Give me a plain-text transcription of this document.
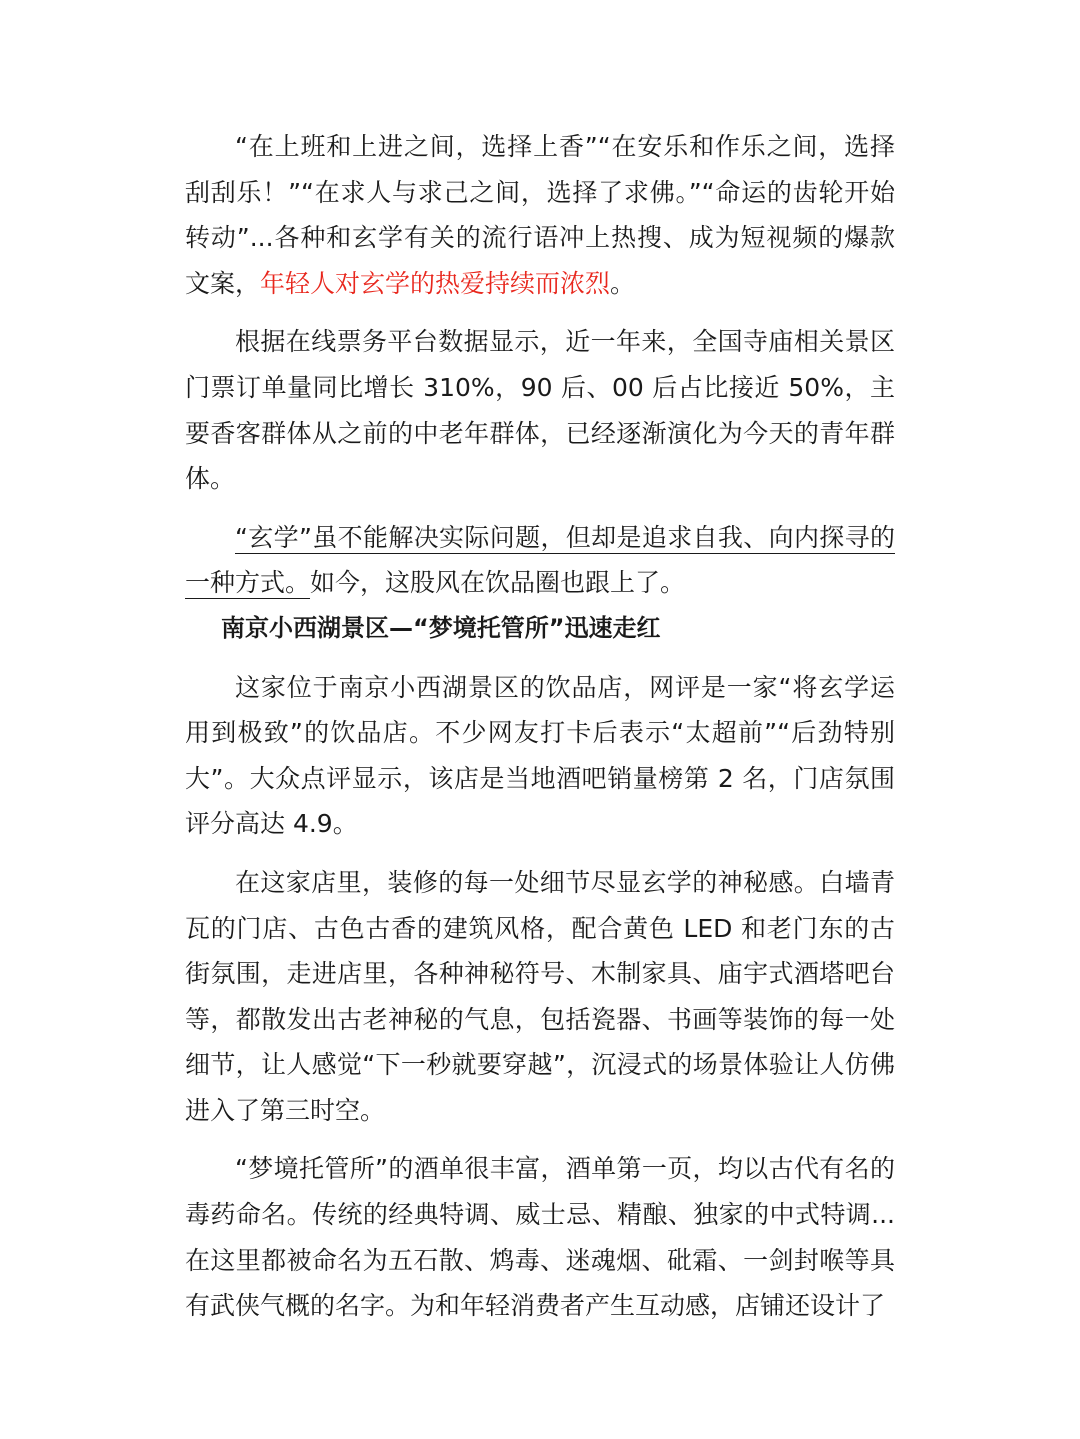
“在上班和上进之间，选择上香”“在安乐和作乐之间，选择刮刮乐！”“在求人与求己之间，选择了求佛。”“命运的齿轮开始转动”...各种和玄学有关的流行语冲上热搜、成为短视频的爆款文案，年轻人对玄学的热爱持续而浓烈。

根据在线票务平台数据显示，近一年来，全国寺庙相关景区门票订单量同比增长 310%，90 后、00 后占比接近 50%，主要香客群体从之前的中老年群体，已经逐渐演化为今天的青年群体。

“玄学”虽不能解决实际问题，但却是追求自我、向内探寻的一种方式。如今，这股风在饮品圈也跟上了。

南京小西湖景区—“梦境托管所”迅速走红

这家位于南京小西湖景区的饮品店，网评是一家“将玄学运用到极致”的饮品店。不少网友打卡后表示“太超前”“后劲特别大”。大众点评显示，该店是当地酒吧销量榜第 2 名，门店氛围评分高达 4.9。

在这家店里，装修的每一处细节尽显玄学的神秘感。白墙青瓦的门店、古色古香的建筑风格，配合黄色 LED 和老门东的古街氛围，走进店里，各种神秘符号、木制家具、庙宇式酒塔吧台等，都散发出古老神秘的气息，包括瓷器、书画等装饰的每一处细节，让人感觉“下一秒就要穿越”，沉浸式的场景体验让人仿佛进入了第三时空。

“梦境托管所”的酒单很丰富，酒单第一页，均以古代有名的毒药命名。传统的经典特调、威士忌、精酿、独家的中式特调...在这里都被命名为五石散、鸩毒、迷魂烟、砒霜、一剑封喉等具有武侠气概的名字。为和年轻消费者产生互动感，店铺还设计了
